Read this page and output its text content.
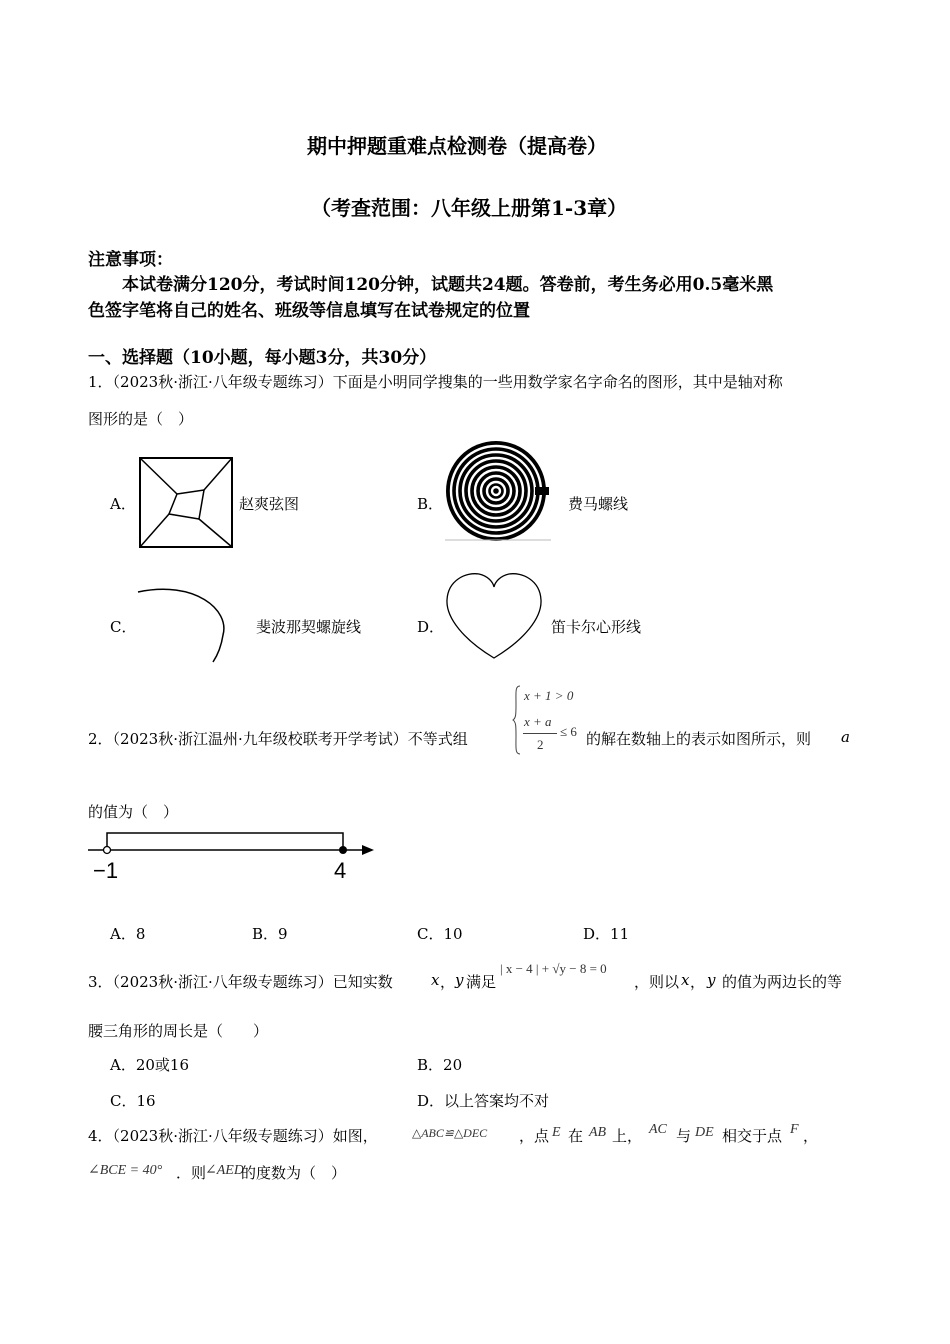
期中押题重难点检测卷（提高卷）
（考查范围：八年级上册第1-3章）
注意事项：
本试卷满分120分，考试时间120分钟，试题共24题。答卷前，考生务必用0.5毫米黑
色签字笔将自己的姓名、班级等信息填写在试卷规定的位置
一、选择题（10小题，每小题3分，共30分）
1．（2023秋·浙江·八年级专题练习）下面是小明同学搜集的一些用数学家名字命名的图形，其中是轴对称
图形的是（　）
A．	赵爽弦图	B．	费马螺线
C．	斐波那契螺旋线	D．	笛卡尔心形线
2．（2023秋·浙江温州·九年级校联考开学考试）不等式组
x + 1 > 0
x + a
2
≤ 6 的解在数轴上的表示如图所示，则 a
的值为（　）
−1	4
A．8	B．9	C．10	D．11
3．（2023秋·浙江·八年级专题练习）已知实数	x ， y 满足
| x − 4 | + √y − 8 = 0
，则以 x ， y 的值为两边长的等
腰三角形的周长是（　　）
A．20或16	B．20
C．16	D．以上答案均不对
4．（2023秋·浙江·八年级专题练习）如图，	△ABC≌△DEC ，点 E 在 AB 上， AC 与 DE 相交于点 F ，
∠BCE = 40° ．则
∠AED
的度数为（　）
